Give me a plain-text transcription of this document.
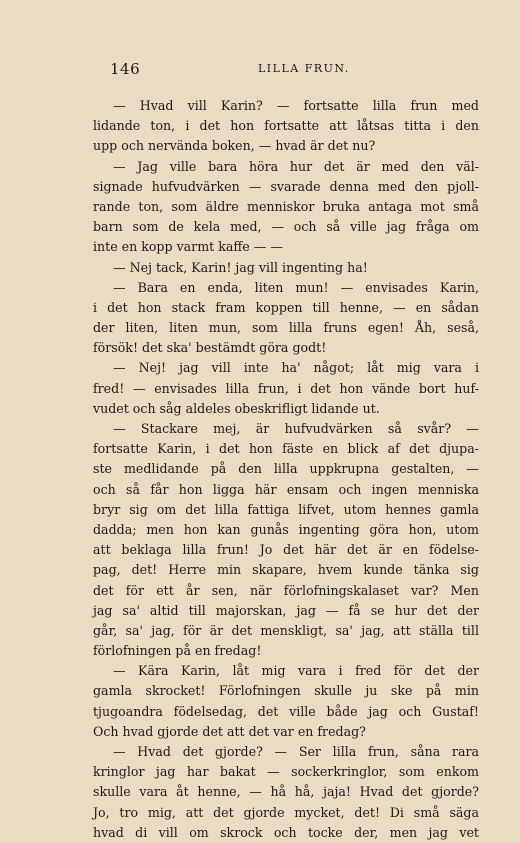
146	LILLA FRUN.
— Hvad vill Karin? — fortsatte lilla frun med
lidande ton, i det hon fortsatte att låtsas titta i den
upp och nervända boken, — hvad är det nu?
— Jag ville bara höra hur det är med den väl-
signade hufvudvärken — svarade denna med den pjoll-
rande ton, som äldre menniskor bruka antaga mot små
barn som de kela med, — och så ville jag fråga om
inte en kopp varmt kaffe — —
— Nej tack, Karin! jag vill ingenting ha!
— Bara en enda, liten mun! — envisades Karin,
i det hon stack fram koppen till henne, — en sådan
der liten, liten mun, som lilla fruns egen! Åh, seså,
försök! det ska' bestämdt göra godt!
— Nej! jag vill inte ha' något; låt mig vara i
fred! — envisades lilla frun, i det hon vände bort huf-
vudet och såg aldeles obeskrifligt lidande ut.
— Stackare mej, är hufvudvärken så svår? —
fortsatte Karin, i det hon fäste en blick af det djupa-
ste medlidande på den lilla uppkrupna gestalten, —
och så får hon ligga här ensam och ingen menniska
bryr sig om det lilla fattiga lifvet, utom hennes gamla
dadda; men hon kan gunås ingenting göra hon, utom
att beklaga lilla frun! Jo det här det är en födelse-
pag, det! Herre min skapare, hvem kunde tänka sig
det för ett år sen, när förlofningskalaset var? Men
jag sa' altid till majorskan, jag — få se hur det der
går, sa' jag, för är det menskligt, sa' jag, att ställa till
förlofningen på en fredag!
— Kära Karin, låt mig vara i fred för det der
gamla skrocket! Förlofningen skulle ju ske på min
tjugoandra födelsedag, det ville både jag och Gustaf!
Och hvad gjorde det att det var en fredag?
— Hvad det gjorde? — Ser lilla frun, såna rara
kringlor jag har bakat — sockerkringlor, som enkom
skulle vara åt henne, — hå hå, jaja! Hvad det gjorde?
Jo, tro mig, att det gjorde mycket, det! Di små säga
hvad di vill om skrock och tocke der, men jag vet
